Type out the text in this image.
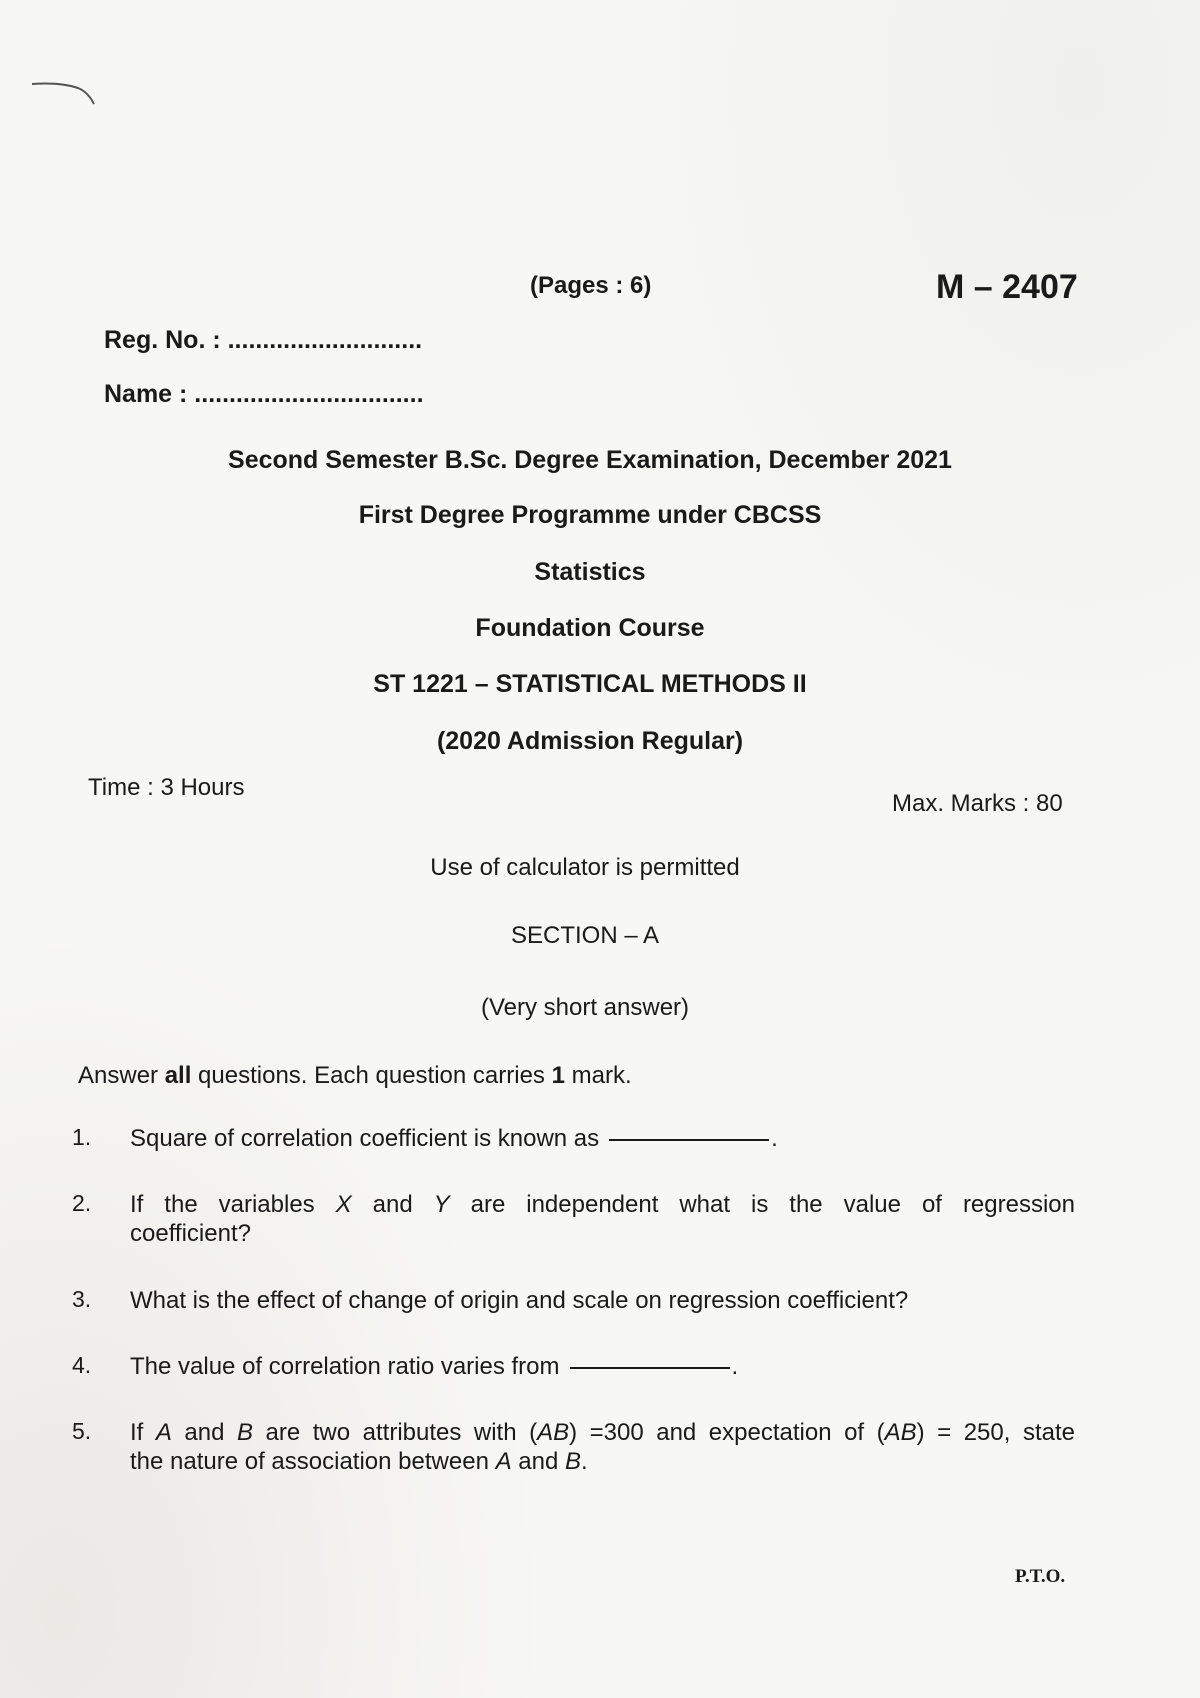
(Pages : 6)	M – 2407
Reg. No. : ............................
Name : .................................
Second Semester B.Sc. Degree Examination, December 2021
First Degree Programme under CBCSS
Statistics
Foundation Course
ST 1221 – STATISTICAL METHODS II
(2020 Admission Regular)
Time : 3 Hours
Max. Marks : 80
Use of calculator is permitted
SECTION – A
(Very short answer)
Answer all questions. Each question carries 1 mark.
1.	Square of correlation coefficient is known as	.
2.	If the variables X and Y are independent what is the value of regression
coefficient?
3.	What is the effect of change of origin and scale on regression coefficient?
4.	The value of correlation ratio varies from	.
5.	If A and B are two attributes with (AB) =300 and expectation of (AB) = 250, state
the nature of association between A and B.
P.T.O.
